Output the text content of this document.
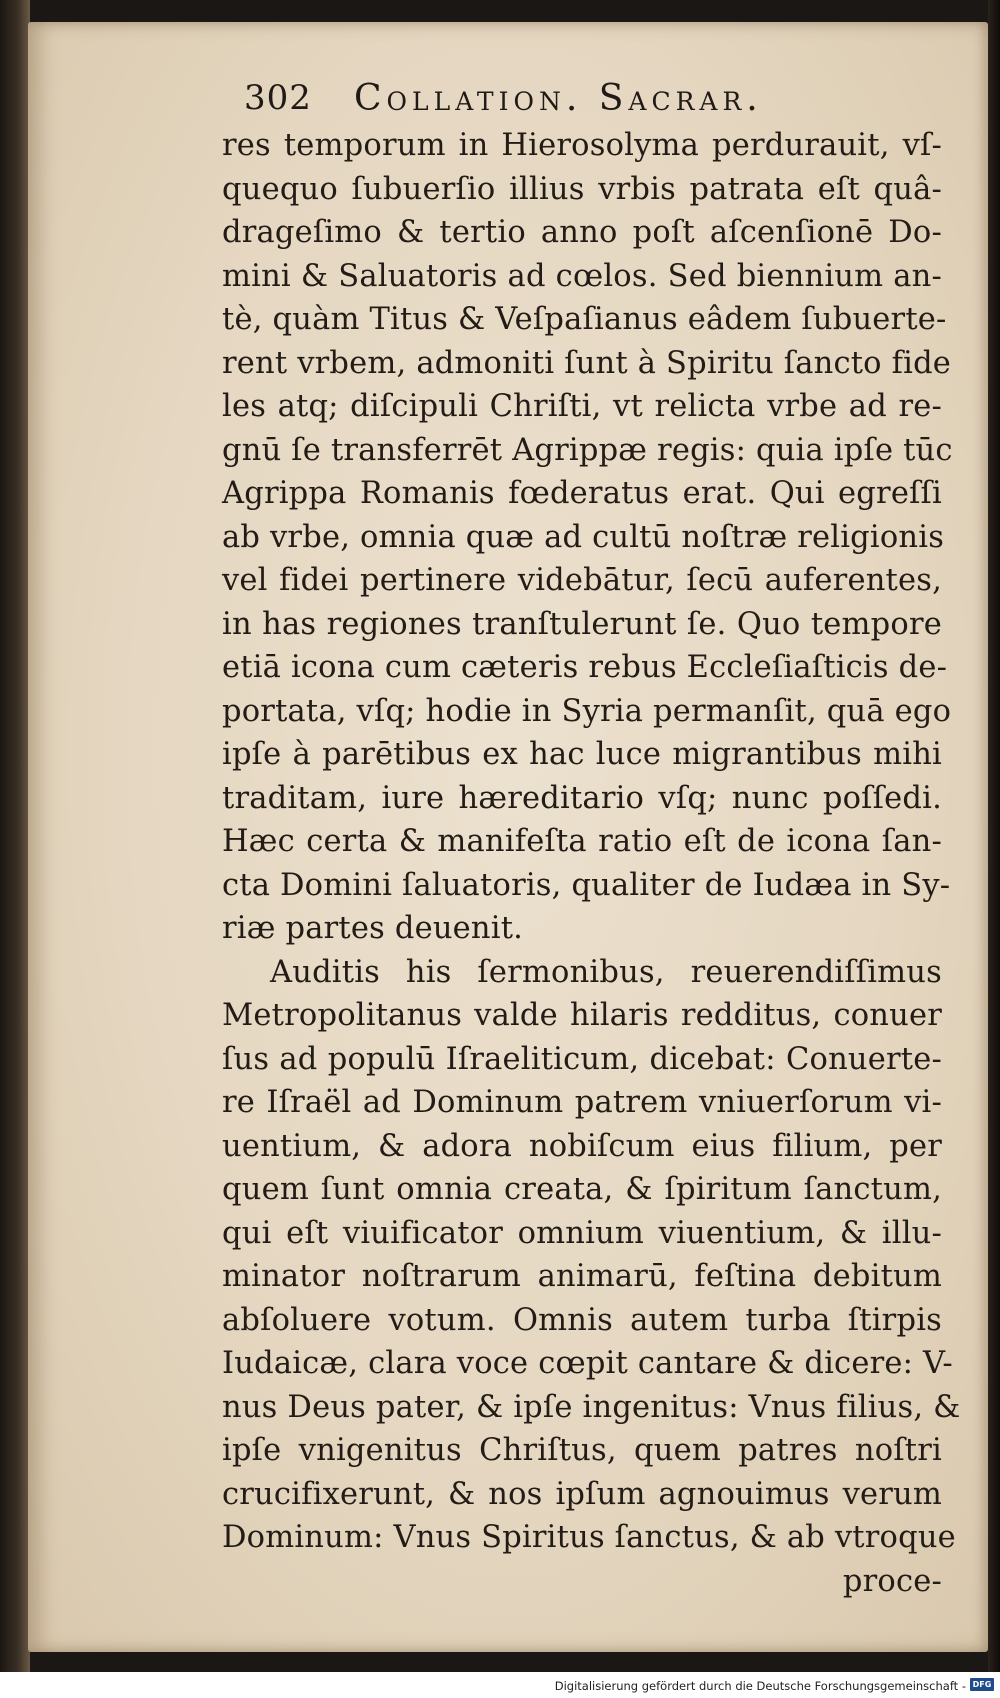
302 Collation. Sacrar.
res temporum in Hierosolyma perdurauit, vſ-
quequo ſubuerſio illius vrbis patrata eſt quâ-
drageſimo & tertio anno poſt aſcenſionē Do-
mini & Saluatoris ad cœlos. Sed biennium an-
tè, quàm Titus & Veſpaſianus eâdem ſubuerte-
rent vrbem, admoniti ſunt à Spiritu ſancto fide
les atq; diſcipuli Chriſti, vt relicta vrbe ad re-
gnū ſe transferrēt Agrippæ regis: quia ipſe tūc
Agrippa Romanis fœderatus erat. Qui egreſſi
ab vrbe, omnia quæ ad cultū noſtræ religionis
vel fidei pertinere videbātur, ſecū auferentes,
in has regiones tranſtulerunt ſe. Quo tempore
etiā icona cum cæteris rebus Eccleſiaſticis de-
portata, vſq; hodie in Syria permanſit, quā ego
ipſe à parētibus ex hac luce migrantibus mihi
traditam, iure hæreditario vſq; nunc poſſedi.
Hæc certa & manifeſta ratio eſt de icona ſan-
cta Domini ſaluatoris, qualiter de Iudæa in Sy-
riæ partes deuenit.
Auditis his ſermonibus, reuerendiſſimus
Metropolitanus valde hilaris redditus, conuer
ſus ad populū Iſraeliticum, dicebat: Conuerte-
re Iſraël ad Dominum patrem vniuerſorum vi-
uentium, & adora nobiſcum eius filium, per
quem ſunt omnia creata, & ſpiritum ſanctum,
qui eſt viuificator omnium viuentium, & illu-
minator noſtrarum animarū, feſtina debitum
abſoluere votum. Omnis autem turba ſtirpis
Iudaicæ, clara voce cœpit cantare & dicere: V-
nus Deus pater, & ipſe ingenitus: Vnus filius, &
ipſe vnigenitus Chriſtus, quem patres noſtri
crucifixerunt, & nos ipſum agnouimus verum
Dominum: Vnus Spiritus ſanctus, & ab vtroque
proce-
Digitalisierung gefördert durch die Deutsche Forschungsgemeinschaft - DFG
